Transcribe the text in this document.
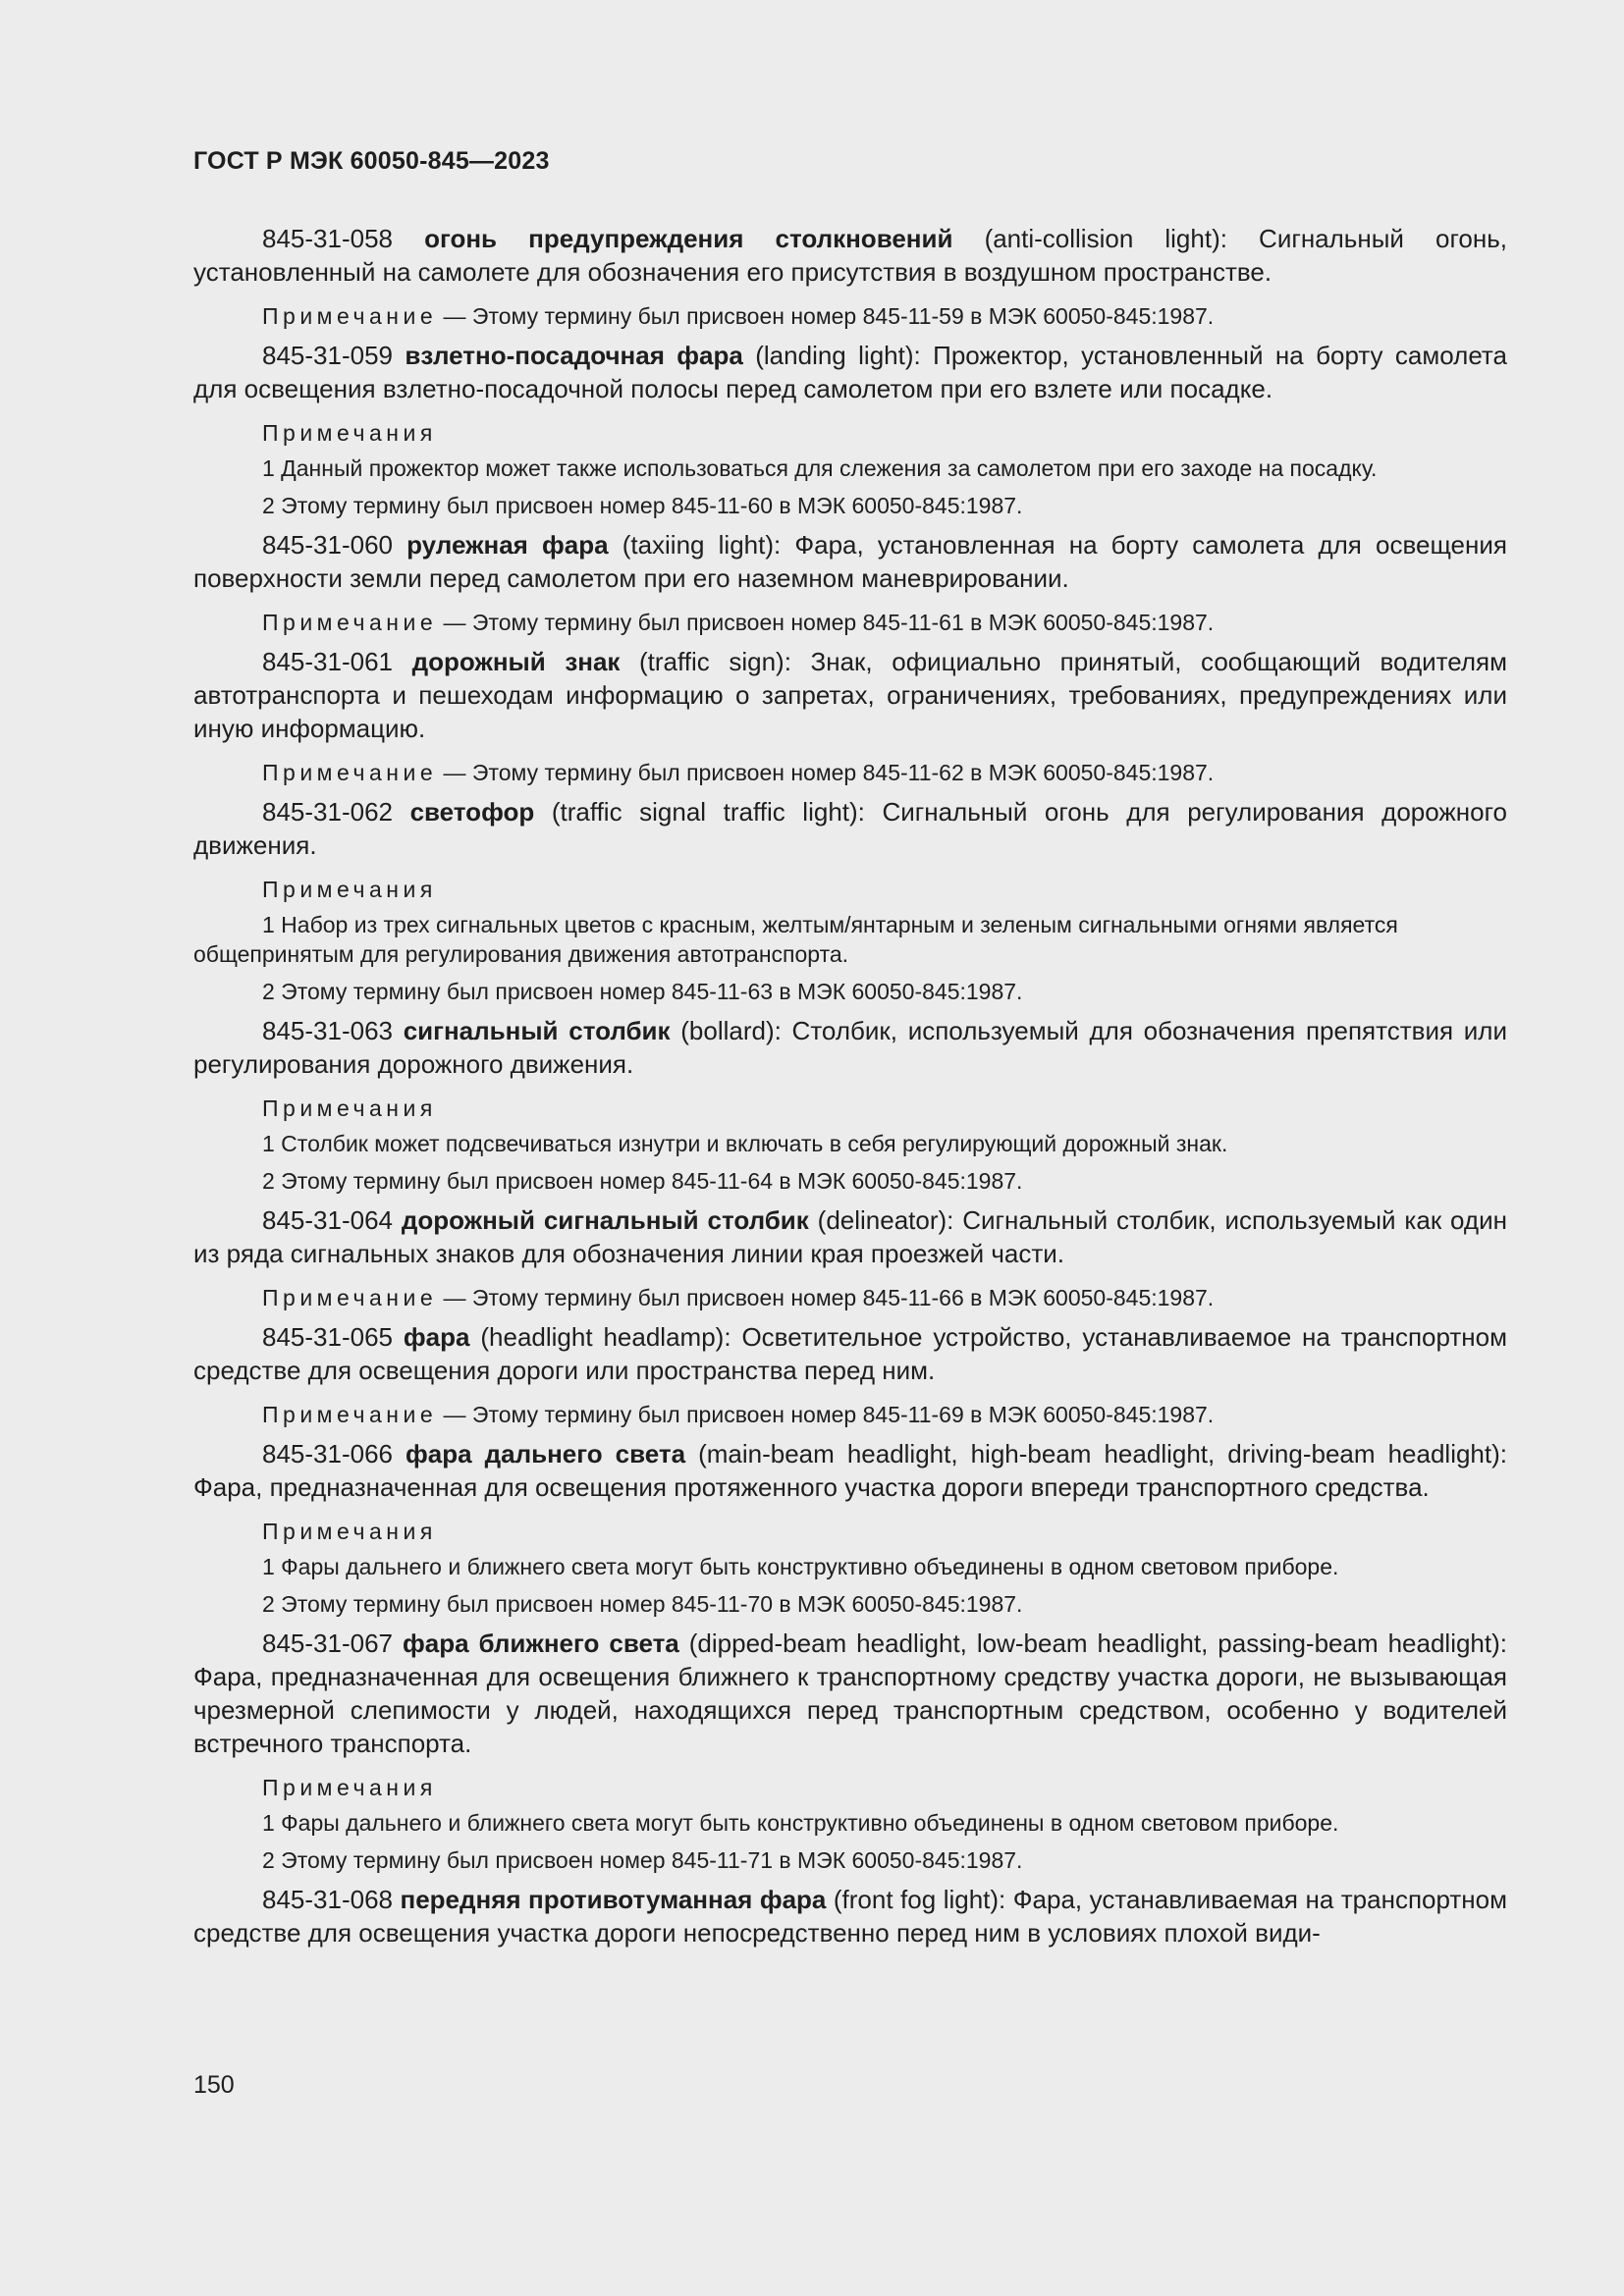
ГОСТ Р МЭК 60050-845—2023

845-31-058 огонь предупреждения столкновений (anti-collision light): Сигнальный огонь, установленный на самолете для обозначения его присутствия в воздушном пространстве.

Примечание — Этому термину был присвоен номер 845-11-59 в МЭК 60050-845:1987.

845-31-059 взлетно-посадочная фара (landing light): Прожектор, установленный на борту самолета для освещения взлетно-посадочной полосы перед самолетом при его взлете или посадке.

Примечания

1 Данный прожектор может также использоваться для слежения за самолетом при его заходе на посадку.

2 Этому термину был присвоен номер 845-11-60 в МЭК 60050-845:1987.

845-31-060 рулежная фара (taxiing light): Фара, установленная на борту самолета для освещения поверхности земли перед самолетом при его наземном маневрировании.

Примечание — Этому термину был присвоен номер 845-11-61 в МЭК 60050-845:1987.

845-31-061 дорожный знак (traffic sign): Знак, официально принятый, сообщающий водителям автотранспорта и пешеходам информацию о запретах, ограничениях, требованиях, предупреждениях или иную информацию.

Примечание — Этому термину был присвоен номер 845-11-62 в МЭК 60050-845:1987.

845-31-062 светофор (traffic signal traffic light): Сигнальный огонь для регулирования дорожного движения.

Примечания

1 Набор из трех сигнальных цветов с красным, желтым/янтарным и зеленым сигнальными огнями является общепринятым для регулирования движения автотранспорта.

2 Этому термину был присвоен номер 845-11-63 в МЭК 60050-845:1987.

845-31-063 сигнальный столбик (bollard): Столбик, используемый для обозначения препятствия или регулирования дорожного движения.

Примечания

1 Столбик может подсвечиваться изнутри и включать в себя регулирующий дорожный знак.

2 Этому термину был присвоен номер 845-11-64 в МЭК 60050-845:1987.

845-31-064 дорожный сигнальный столбик (delineator): Сигнальный столбик, используемый как один из ряда сигнальных знаков для обозначения линии края проезжей части.

Примечание — Этому термину был присвоен номер 845-11-66 в МЭК 60050-845:1987.

845-31-065 фара (headlight headlamp): Осветительное устройство, устанавливаемое на транспортном средстве для освещения дороги или пространства перед ним.

Примечание — Этому термину был присвоен номер 845-11-69 в МЭК 60050-845:1987.

845-31-066 фара дальнего света (main-beam headlight, high-beam headlight, driving-beam headlight): Фара, предназначенная для освещения протяженного участка дороги впереди транспортного средства.

Примечания

1 Фары дальнего и ближнего света могут быть конструктивно объединены в одном световом приборе.

2 Этому термину был присвоен номер 845-11-70 в МЭК 60050-845:1987.

845-31-067 фара ближнего света (dipped-beam headlight, low-beam headlight, passing-beam headlight): Фара, предназначенная для освещения ближнего к транспортному средству участка дороги, не вызывающая чрезмерной слепимости у людей, находящихся перед транспортным средством, особенно у водителей встречного транспорта.

Примечания

1 Фары дальнего и ближнего света могут быть конструктивно объединены в одном световом приборе.

2 Этому термину был присвоен номер 845-11-71 в МЭК 60050-845:1987.

845-31-068 передняя противотуманная фара (front fog light): Фара, устанавливаемая на транспортном средстве для освещения участка дороги непосредственно перед ним в условиях плохой види-

150
